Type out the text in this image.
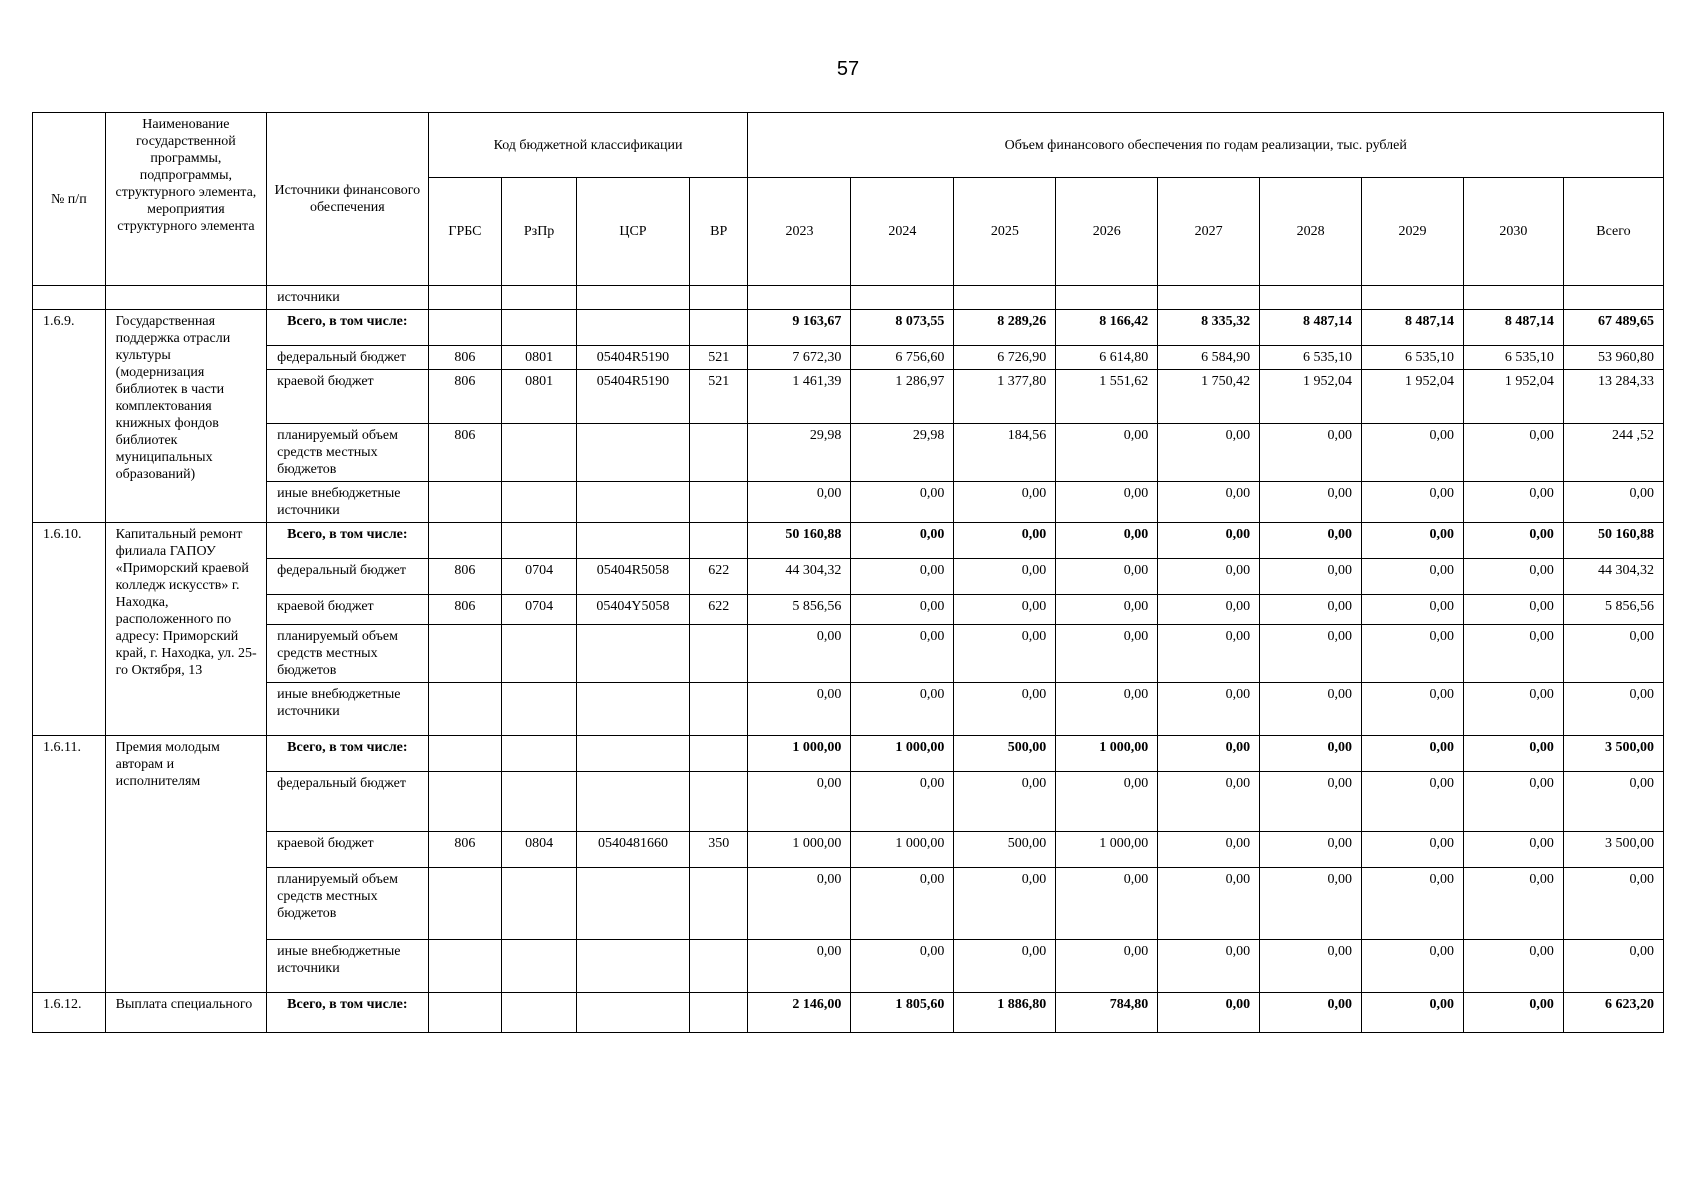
57
№ п/п	Наименование государственной программы, подпрограммы, структурного элемента, мероприятия структурного элемента	Источники финансового обеспечения	Код бюджетной классификации				Объем финансового обеспечения по годам реализации, тыс. рублей								
			ГРБС	РзПр	ЦСР	ВР	2023	2024	2025	2026	2027	2028	2029	2030	Всего
		источники													
1.6.9.	Государственная поддержка отрасли культуры (модернизация библиотек в части комплектования книжных фондов библиотек муниципальных образований)	Всего, в том числе:					9 163,67	8 073,55	8 289,26	8 166,42	8 335,32	8 487,14	8 487,14	8 487,14	67 489,65
		федеральный бюджет	806	0801	05404R5190	521	7 672,30	6 756,60	6 726,90	6 614,80	6 584,90	6 535,10	6 535,10	6 535,10	53 960,80
		краевой бюджет	806	0801	05404R5190	521	1 461,39	1 286,97	1 377,80	1 551,62	1 750,42	1 952,04	1 952,04	1 952,04	13 284,33
		планируемый объем средств местных бюджетов	806				29,98	29,98	184,56	0,00	0,00	0,00	0,00	0,00	244 ,52
		иные внебюджетные источники					0,00	0,00	0,00	0,00	0,00	0,00	0,00	0,00	0,00
1.6.10.	Капитальный ремонт филиала ГАПОУ «Приморский краевой колледж искусств» г. Находка, расположенного по адресу: Приморский край, г. Находка, ул. 25-го Октября, 13	Всего, в том числе:					50 160,88	0,00	0,00	0,00	0,00	0,00	0,00	0,00	50 160,88
		федеральный бюджет	806	0704	05404R5058	622	44 304,32	0,00	0,00	0,00	0,00	0,00	0,00	0,00	44 304,32
		краевой бюджет	806	0704	05404Y5058	622	5 856,56	0,00	0,00	0,00	0,00	0,00	0,00	0,00	5 856,56
		планируемый объем средств местных бюджетов					0,00	0,00	0,00	0,00	0,00	0,00	0,00	0,00	0,00
		иные внебюджетные источники					0,00	0,00	0,00	0,00	0,00	0,00	0,00	0,00	0,00
1.6.11.	Премия молодым авторам и исполнителям	Всего, в том числе:					1 000,00	1 000,00	500,00	1 000,00	0,00	0,00	0,00	0,00	3 500,00
		федеральный бюджет					0,00	0,00	0,00	0,00	0,00	0,00	0,00	0,00	0,00
		краевой бюджет	806	0804	0540481660	350	1 000,00	1 000,00	500,00	1 000,00	0,00	0,00	0,00	0,00	3 500,00
		планируемый объем средств местных бюджетов					0,00	0,00	0,00	0,00	0,00	0,00	0,00	0,00	0,00
		иные внебюджетные источники					0,00	0,00	0,00	0,00	0,00	0,00	0,00	0,00	0,00
1.6.12.	Выплата специального	Всего, в том числе:					2 146,00	1 805,60	1 886,80	784,80	0,00	0,00	0,00	0,00	6 623,20
